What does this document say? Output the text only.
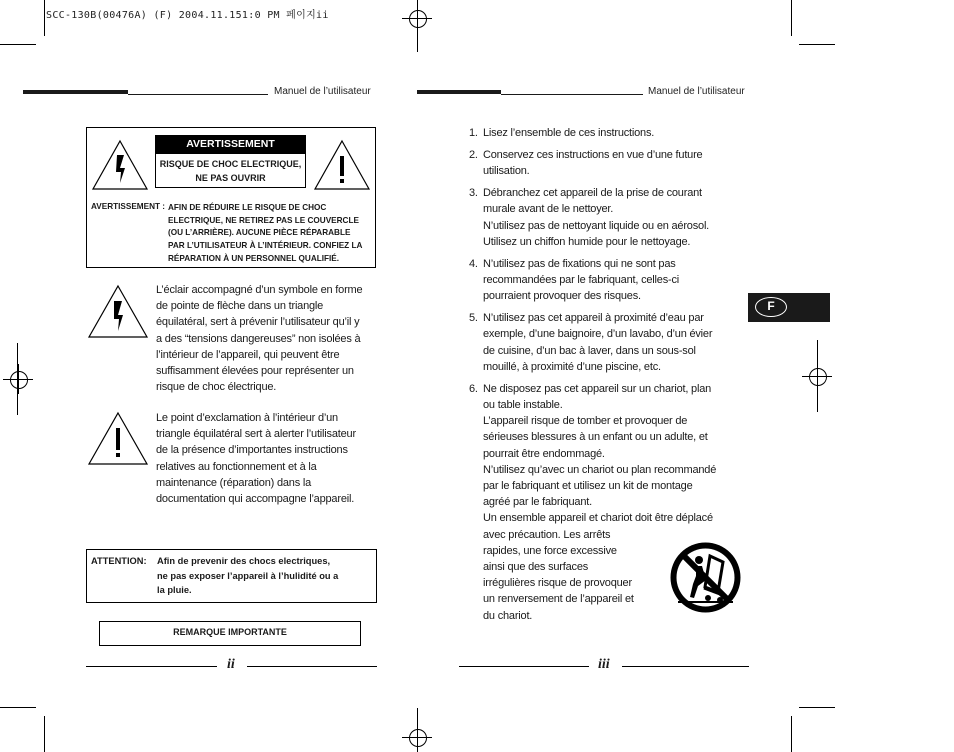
SCC-130B(00476A) (F) 2004.11.151:0 PM 페이지ii
Manuel de l’utilisateur
AVERTISSEMENT
RISQUE DE CHOC ELECTRIQUE,
NE PAS OUVRIR
AVERTISSEMENT : AFIN DE RÉDUIRE LE RISQUE DE CHOC
ELECTRIQUE, NE RETIREZ PAS LE COUVERCLE
(OU L’ARRIÈRE). AUCUNE PIÈCE RÉPARABLE
PAR L’UTILISATEUR À L’INTÉRIEUR. CONFIEZ LA
RÉPARATION À UN PERSONNEL QUALIFIÉ.
L’éclair accompagné d’un symbole en forme
de pointe de flèche dans un triangle
équilatéral, sert à prévenir l’utilisateur qu’il y
a des “tensions dangereuses” non isolées à
l’intérieur de l’appareil, qui peuvent être
suffisamment élevées pour représenter un
risque de choc électrique.
Le point d’exclamation à l’intérieur d’un
triangle équilatéral sert à alerter l’utilisateur
de la présence d’importantes instructions
relatives au fonctionnement et à la
maintenance (réparation) dans la
documentation qui accompagne l’appareil.
ATTENTION: Afin de prevenir des chocs electriques,
ne pas exposer l’appareil à l’hulidité ou a
la pluie.
REMARQUE IMPORTANTE
ii
Manuel de l’utilisateur
1. Lisez l’ensemble de ces instructions.
2. Conservez ces instructions en vue d’une future
utilisation.
3. Débranchez cet appareil de la prise de courant
murale avant de le nettoyer.
N’utilisez pas de nettoyant liquide ou en aérosol.
Utilisez un chiffon humide pour le nettoyage.
4. N’utilisez pas de fixations qui ne sont pas
recommandées par le fabriquant, celles-ci
pourraient provoquer des risques.
5. N’utilisez pas cet appareil à proximité d’eau par
exemple, d’une baignoire, d’un lavabo, d’un évier
de cuisine, d’un bac à laver, dans un sous-sol
mouillé, à proximité d’une piscine, etc.
6. Ne disposez pas cet appareil sur un chariot, plan
ou table instable.
L’appareil risque de tomber et provoquer de
sérieuses blessures à un enfant ou un adulte, et
pourrait être endommagé.
N’utilisez qu’avec un chariot ou plan recommandé
par le fabriquant et utilisez un kit de montage
agréé par le fabriquant.
Un ensemble appareil et chariot doit être déplacé
avec précaution. Les arrêts
rapides, une force excessive
ainsi que des surfaces
irrégulières risque de provoquer
un renversement de l’appareil et
du chariot.
F
iii
